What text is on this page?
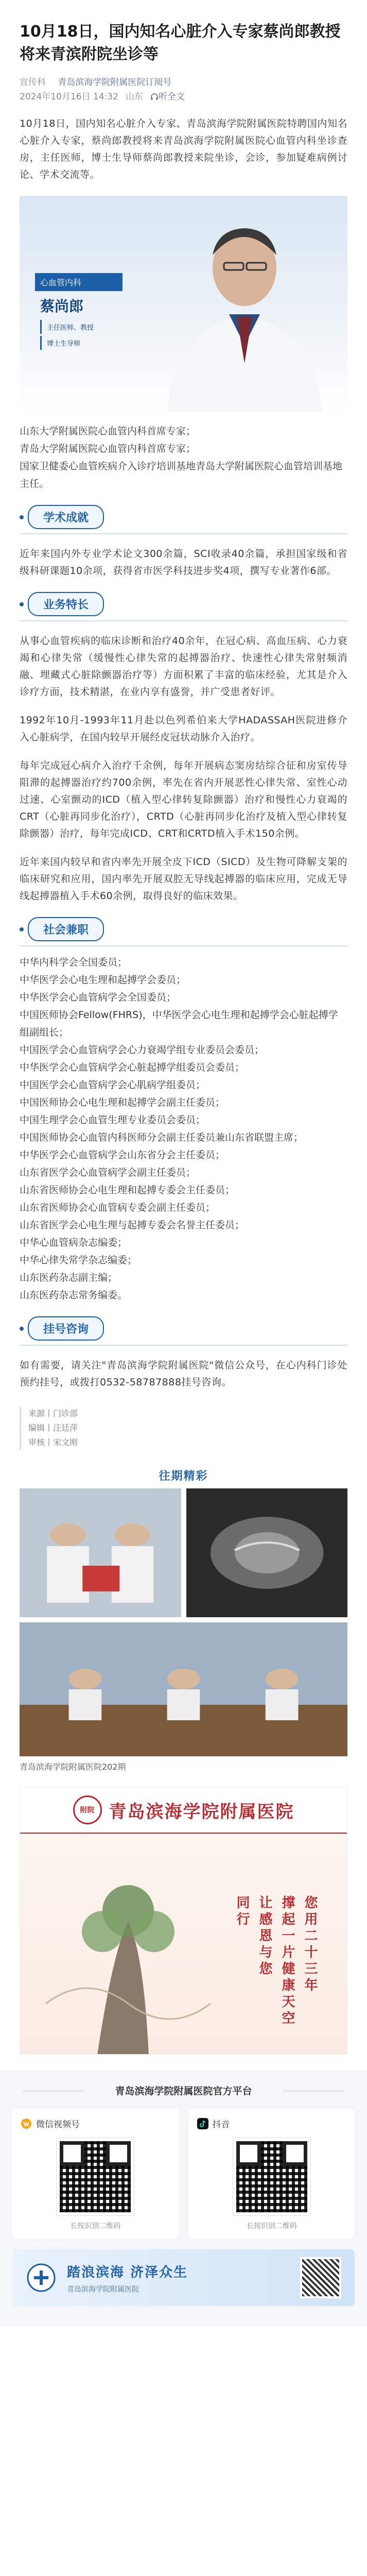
10月18日，国内知名心脏介入专家蔡尚郎教授将来青滨附院坐诊等
宣传科 青岛滨海学院附属医院订阅号
2024年10月16日 14:32 山东 听全文

10月18日，国内知名心脏介入专家、青岛滨海学院附属医院特聘国内知名心脏介入专家，蔡尚郎教授将来青岛滨海学院附属医院心血管内科坐诊查房，主任医师，博士生导师蔡尚郎教授来院坐诊，会诊，参加疑难病例讨论、学术交流等。

心血管内科
蔡尚郎
主任医师、教授
博士生导师

山东大学附属医院心血管内科首席专家；

青岛大学附属医院心血管内科首席专家；

国家卫健委心血管疾病介入诊疗培训基地青岛大学附属医院心血管培训基地主任。

学术成就

近年来国内外专业学术论文300余篇，SCI收录40余篇，承担国家级和省级科研课题10余项，获得省市医学科技进步奖4项，撰写专业著作6部。

业务特长

从事心血管疾病的临床诊断和治疗40余年，在冠心病、高血压病、心力衰竭和心律失常（缓慢性心律失常的起搏器治疗、快速性心律失常射频消融、埋藏式心脏除颤器治疗等）方面积累了丰富的临床经验，尤其是介入诊疗方面，技术精湛，在业内享有盛誉，并广受患者好评。

1992年10月-1993年11月赴以色列希伯来大学HADASSAH医院进修介入心脏病学，在国内较早开展经皮冠状动脉介入治疗。

每年完成冠心病介入治疗千余例，每年开展病态窦房结综合征和房室传导阻滞的起搏器治疗约700余例，率先在省内开展恶性心律失常、室性心动过速、心室颤动的ICD（植入型心律转复除颤器）治疗和慢性心力衰竭的CRT（心脏再同步化治疗），CRTD（心脏再同步化治疗及植入型心律转复除颤器）治疗，每年完成ICD、CRT和CRTD植入手术150余例。

近年来国内较早和省内率先开展全皮下ICD（SICD）及生物可降解支架的临床研究和应用，国内率先开展双腔无导线起搏器的临床应用，完成无导线起搏器植入手术60余例，取得良好的临床效果。

社会兼职

中华内科学会全国委员；

中华医学会心电生理和起搏学会委员；

中华医学会心血管病学会全国委员；

中国医师协会Fellow(FHRS)，中华医学会心电生理和起搏学会心脏起搏学组副组长；

中国医学会心血管病学会心力衰竭学组专业委员会委员；

中华医学会心血管病学会心脏起搏学组委员会委员；

中国医学会心血管病学会心肌病学组委员；

中国医师协会心电生理和起搏学会副主任委员；

中国生理学会心血管生理专业委员会委员；

中国医师协会心血管内科医师分会副主任委员兼山东省联盟主席；

中华医学会心血管病学会山东省分会主任委员；

山东省医学会心血管病学会副主任委员；

山东省医师协会心电生理和起搏专委会主任委员；

山东省医师协会心血管病专委会副主任委员；

山东省医学会心电生理与起搏专委会名誉主任委员；

中华心血管病杂志编委；

中华心律失常学杂志编委；

山东医药杂志副主编；

山东医药杂志常务编委。

挂号咨询

如有需要，请关注"青岛滨海学院附属医院"微信公众号，在心内科门诊处预约挂号，或拨打0532-58787888挂号咨询。

来源丨门诊部

编辑丨汪廷萍

审核丨宋文刚

往期精彩
青岛滨海学院附属医院202期
附院 青岛滨海学院附属医院
您用二十三年
撑起一片健康天空
让感恩与您
同行
青岛滨海学院附属医院官方平台
微信视频号
长按识别二维码
抖音
长按识别二维码
踏浪滨海 济泽众生
青岛滨海学院附属医院
